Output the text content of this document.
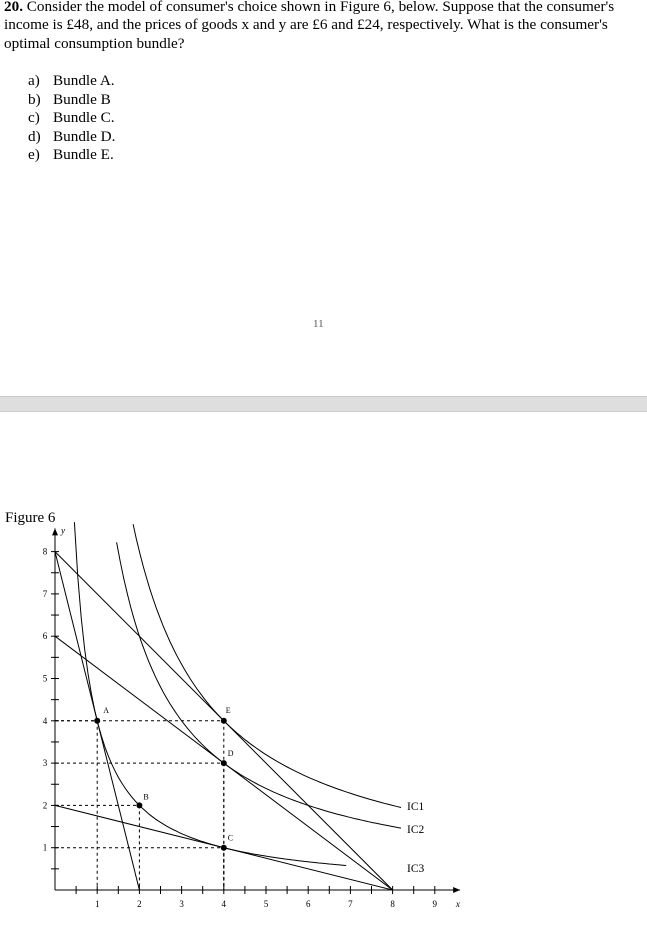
20. Consider the model of consumer's choice shown in Figure 6, below. Suppose that the consumer's income is £48, and the prices of goods x and y are £6 and £24, respectively. What is the consumer's optimal consumption bundle?
a) Bundle A.
b) Bundle B
c) Bundle C.
d) Bundle D.
e) Bundle E.
11
Figure 6
1	2	3	4	5	6	7	8	9
1
2
3
4
5
6
7
8
x
y
A
B
C
D
E
IC1
IC2
IC3
